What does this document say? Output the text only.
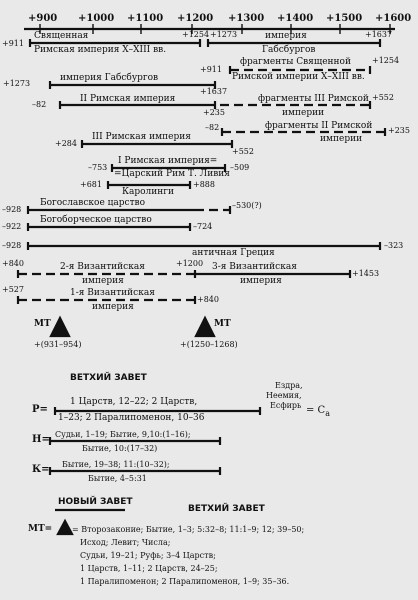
+900 +1000 +1100 +1200 +1300 +1400 +1500 +1600
+911
Священная
Римская империя X–XIII вв.
+1254 +1273	империя
Габсбургов
+1637
+911
фрагменты Священной
Римской империи X–XIII вв.
+1254
+1273
империя Габсбургов
+1637
–82
II Римская империя
+235
фрагменты III Римской
империи
+552
–82	фрагменты II Римской
империи
+235
+284
III Римская империя
+552
I Римская империя=
–753
=Царский Рим Т. Ливия
–509
+681
Каролинги
+888
–928
Богославское царство	–530(?)
–922
Богоборческое царство
–724
–928
античная Греция
–323
+840	2-я Византийская
империя
+1200 3-я Византийская
империя
+1453
+527	1-я Византийская
империя
+840
МТ
+(931–954)
МТ
+(1250–1268)
ВЕТХИЙ ЗАВЕТ
Р=
1 Царств, 12–22; 2 Царств,
1–23; 2 Паралипоменон, 10–36
Ездра,
Неемия,
Есфирь = $С_а$
Н= Судьи, 1–19; Бытие, 9,10:(1–16);
Бытие, 10:(17–32)
К= Бытие, 19–38; 11:(10–32);
Бытие, 4–5:31
НОВЫЙ ЗАВЕТ
ВЕТХИЙ ЗАВЕТ
МТ= = Второзаконие; Бытие, 1–3; 5:32–8; 11:1–9; 12; 39–50;
Исход; Левит; Числа;
Судьи, 19–21; Руфь; 3–4 Царств;
1 Царств, 1–11; 2 Царств, 24–25;
1 Паралипоменон; 2 Паралипоменон, 1–9; 35–36.
